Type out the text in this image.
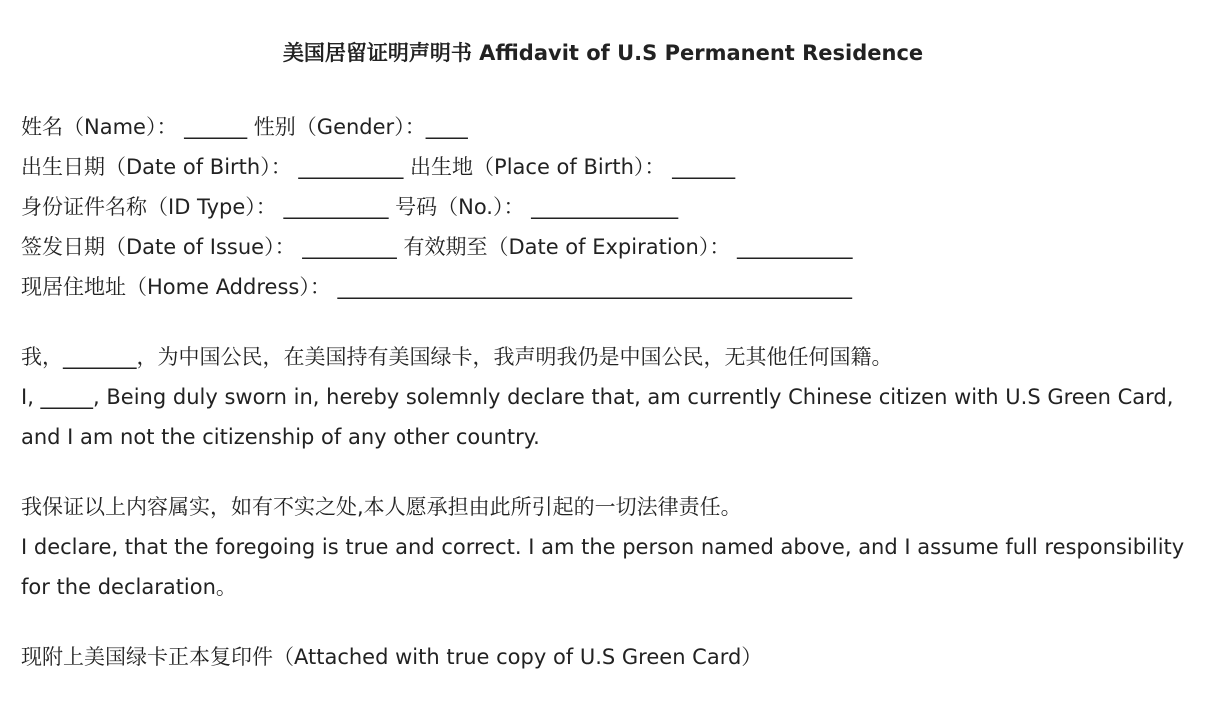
美国居留证明声明书 Affidavit of U.S Permanent Residence

姓名（Name）： ______ 性别（Gender）：____

出生日期（Date of Birth）： __________ 出生地（Place of Birth）： ______

身份证件名称（ID Type）： __________ 号码（No.）： ______________

签发日期（Date of Issue）： _________ 有效期至（Date of Expiration）： ___________

现居住地址（Home Address）： _________________________________________________

我，_______，为中国公民，在美国持有美国绿卡，我声明我仍是中国公民，无其他任何国籍。

I, _____, Being duly sworn in, hereby solemnly declare that, am currently Chinese citizen with U.S Green Card, and I am not the citizenship of any other country.

我保证以上内容属实，如有不实之处,本人愿承担由此所引起的一切法律责任。

I declare, that the foregoing is true and correct. I am the person named above, and I assume full responsibility for the declaration。

现附上美国绿卡正本复印件（Attached with true copy of U.S Green Card）
